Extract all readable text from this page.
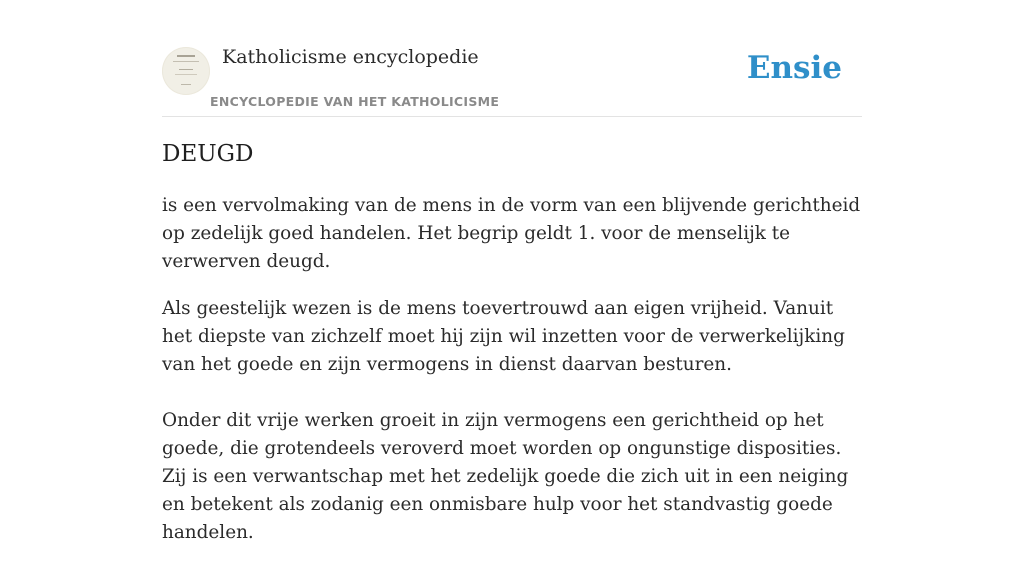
Katholicisme encyclopedie
ENCYCLOPEDIE VAN HET KATHOLICISME
Ensie
DEUGD

is een vervolmaking van de mens in de vorm van een blijvende gerichtheid op zedelijk goed handelen. Het begrip geldt 1. voor de menselijk te verwerven deugd.

Als geestelijk wezen is de mens toevertrouwd aan eigen vrijheid. Vanuit het diepste van zichzelf moet hij zijn wil inzetten voor de verwerkelijking van het goede en zijn vermogens in dienst daarvan besturen.

Onder dit vrije werken groeit in zijn vermogens een gerichtheid op het goede, die grotendeels veroverd moet worden op ongunstige disposities. Zij is een verwantschap met het zedelijk goede die zich uit in een neiging en betekent als zodanig een onmisbare hulp voor het standvastig goede handelen.
